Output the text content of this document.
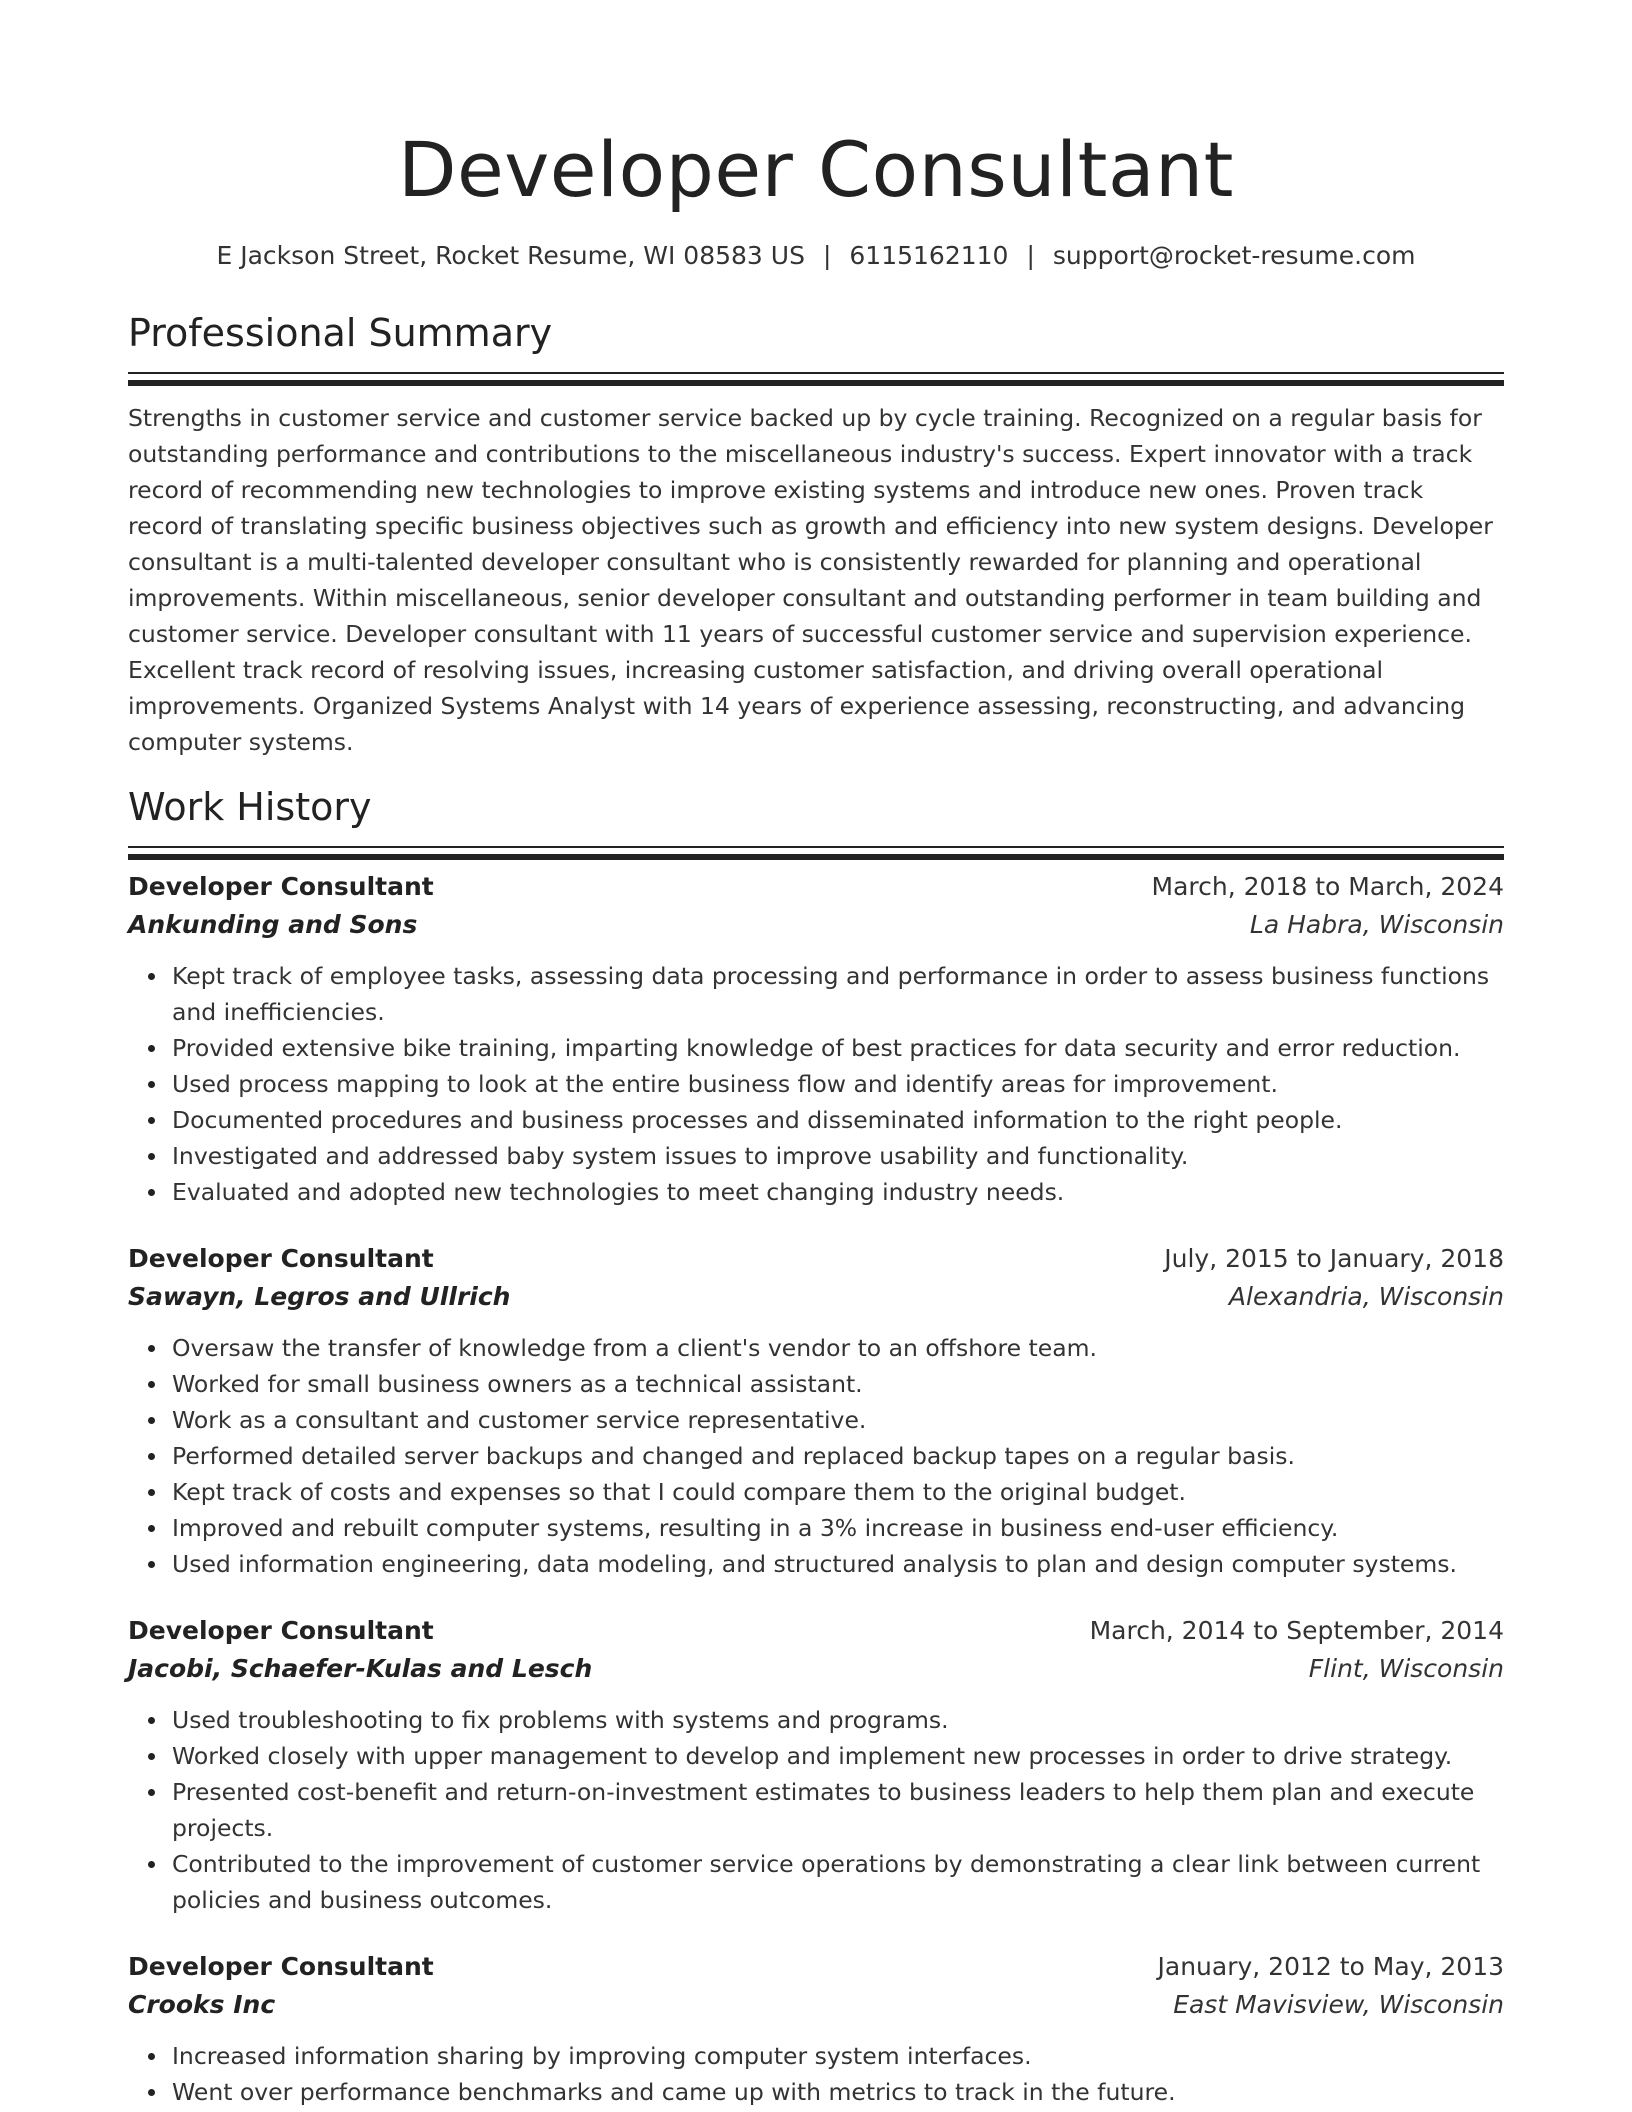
Developer Consultant
E Jackson Street, Rocket Resume, WI 08583 US | 6115162110 | support@rocket-resume.com
Professional Summary

Strengths in customer service and customer service backed up by cycle training. Recognized on a regular basis for outstanding performance and contributions to the miscellaneous industry's success. Expert innovator with a track record of recommending new technologies to improve existing systems and introduce new ones. Proven track record of translating specific business objectives such as growth and efficiency into new system designs. Developer consultant is a multi-talented developer consultant who is consistently rewarded for planning and operational improvements. Within miscellaneous, senior developer consultant and outstanding performer in team building and customer service. Developer consultant with 11 years of successful customer service and supervision experience. Excellent track record of resolving issues, increasing customer satisfaction, and driving overall operational improvements. Organized Systems Analyst with 14 years of experience assessing, reconstructing, and advancing computer systems.

Work History
Developer Consultant	March, 2018 to March, 2024
Ankunding and Sons	La Habra, Wisconsin
Kept track of employee tasks, assessing data processing and performance in order to assess business functions and inefficiencies.
Provided extensive bike training, imparting knowledge of best practices for data security and error reduction.
Used process mapping to look at the entire business flow and identify areas for improvement.
Documented procedures and business processes and disseminated information to the right people.
Investigated and addressed baby system issues to improve usability and functionality.
Evaluated and adopted new technologies to meet changing industry needs.
Developer Consultant	July, 2015 to January, 2018
Sawayn, Legros and Ullrich	Alexandria, Wisconsin
Oversaw the transfer of knowledge from a client's vendor to an offshore team.
Worked for small business owners as a technical assistant.
Work as a consultant and customer service representative.
Performed detailed server backups and changed and replaced backup tapes on a regular basis.
Kept track of costs and expenses so that I could compare them to the original budget.
Improved and rebuilt computer systems, resulting in a 3% increase in business end-user efficiency.
Used information engineering, data modeling, and structured analysis to plan and design computer systems.
Developer Consultant	March, 2014 to September, 2014
Jacobi, Schaefer-Kulas and Lesch	Flint, Wisconsin
Used troubleshooting to fix problems with systems and programs.
Worked closely with upper management to develop and implement new processes in order to drive strategy.
Presented cost-benefit and return-on-investment estimates to business leaders to help them plan and execute projects.
Contributed to the improvement of customer service operations by demonstrating a clear link between current policies and business outcomes.
Developer Consultant	January, 2012 to May, 2013
Crooks Inc	East Mavisview, Wisconsin
Increased information sharing by improving computer system interfaces.
Went over performance benchmarks and came up with metrics to track in the future.
